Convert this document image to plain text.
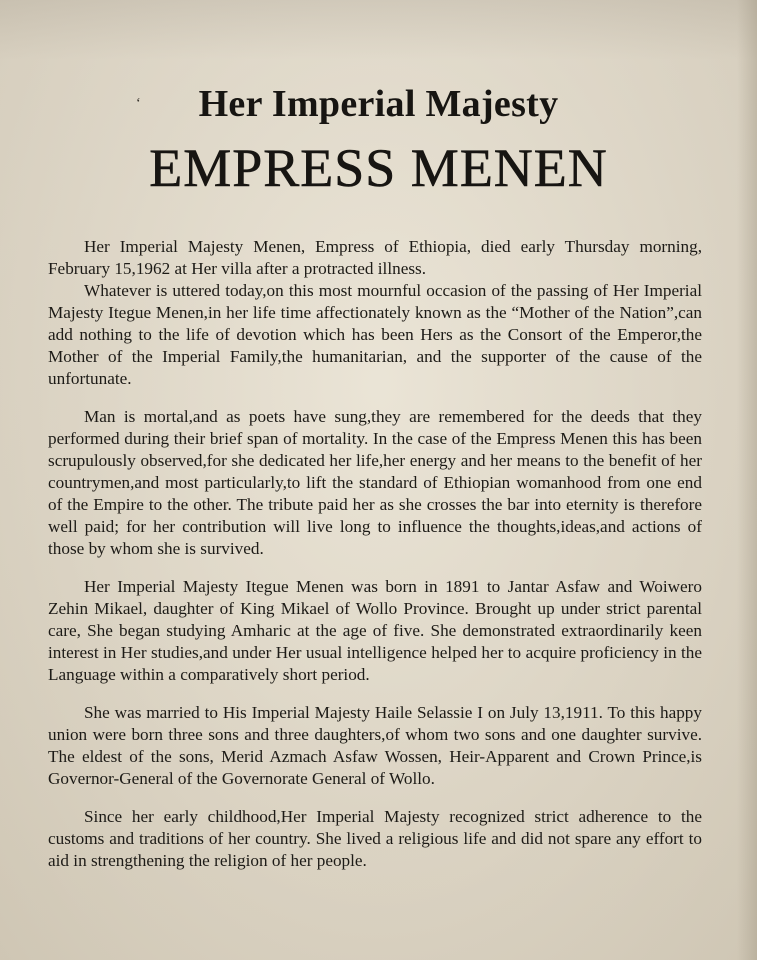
‘	Her Imperial Majesty
EMPRESS MENEN

Her Imperial Majesty Menen, Empress of Ethiopia, died early Thursday morning, February 15,1962 at Her villa after a protracted illness.

Whatever is uttered today,on this most mournful occasion of the passing of Her Imperial Majesty Itegue Menen,in her life time affectionately known as the “Mother of the Nation”,can add nothing to the life of devotion which has been Hers as the Consort of the Emperor,the Mother of the Imperial Family,the humanitarian, and the supporter of the cause of the unfortunate.

Man is mortal,and as poets have sung,they are remembered for the deeds that they performed during their brief span of mortality. In the case of the Empress Menen this has been scrupulously observed,for she dedicated her life,her energy and her means to the benefit of her countrymen,and most particularly,to lift the standard of Ethiopian womanhood from one end of the Empire to the other. The tribute paid her as she crosses the bar into eternity is therefore well paid; for her contribution will live long to influence the thoughts,ideas,and actions of those by whom she is survived.

Her Imperial Majesty Itegue Menen was born in 1891 to Jantar Asfaw and Woiwero Zehin Mikael, daughter of King Mikael of Wollo Province. Brought up under strict parental care, She began studying Amharic at the age of five. She demonstrated extraordinarily keen interest in Her studies,and under Her usual intelligence helped her to acquire proficiency in the Language within a comparatively short period.

She was married to His Imperial Majesty Haile Selassie I on July 13,1911. To this happy union were born three sons and three daughters,of whom two sons and one daughter survive. The eldest of the sons, Merid Azmach Asfaw Wossen, Heir-Apparent and Crown Prince,is Governor-General of the Governorate General of Wollo.

Since her early childhood,Her Imperial Majesty recognized strict adherence to the customs and traditions of her country. She lived a religious life and did not spare any effort to aid in strengthening the religion of her people.
